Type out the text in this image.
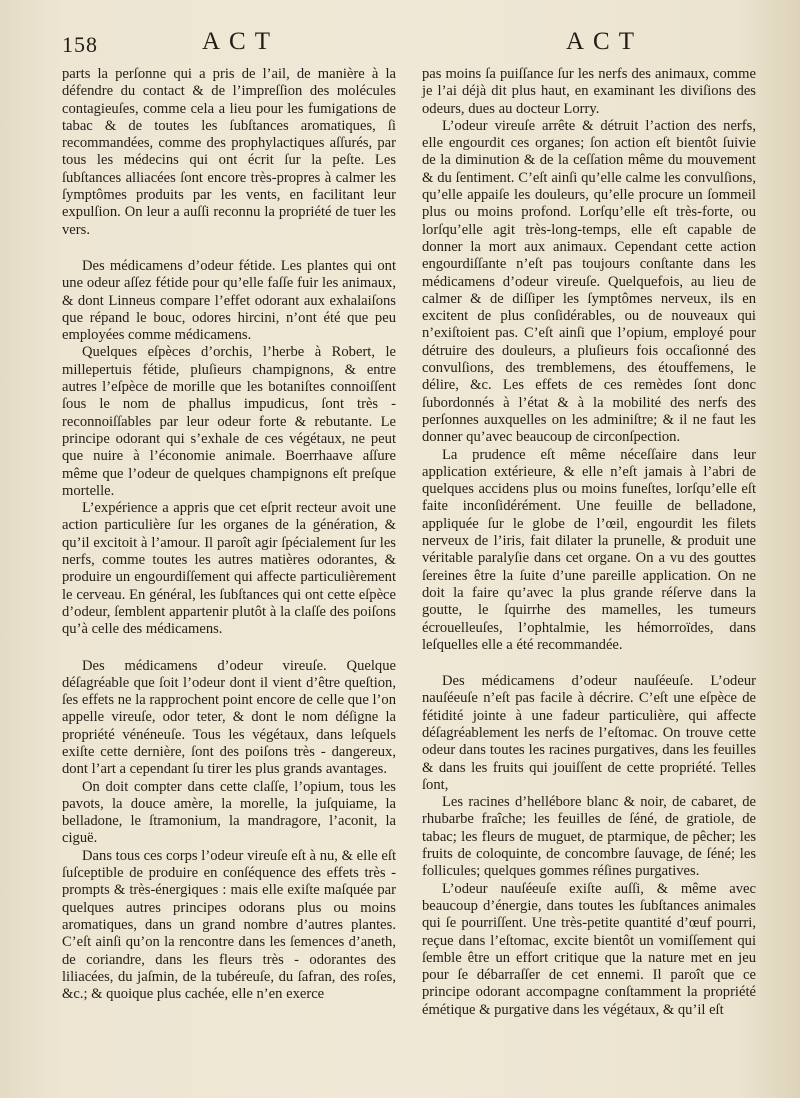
158	ACT	ACT

parts la perſonne qui a pris de l’ail, de manière à la défendre du contact & de l’impreſſion des molécules contagieuſes, comme cela a lieu pour les fumigations de tabac & de toutes les ſubſtances aromatiques, ſi recommandées, comme des prophylactiques aſſurés, par tous les médecins qui ont écrit ſur la peſte. Les ſubſtances alliacées ſont encore très-propres à calmer les ſymptômes produits par les vents, en facilitant leur expulſion. On leur a auſſi reconnu la propriété de tuer les vers.

Des médicamens d’odeur fétide. Les plantes qui ont une odeur aſſez fétide pour qu’elle faſſe fuir les animaux, & dont Linneus compare l’effet odorant aux exhalaiſons que répand le bouc, odores hircini, n’ont été que peu employées comme médicamens.

Quelques eſpèces d’orchis, l’herbe à Robert, le millepertuis fétide, pluſieurs champignons, & entre autres l’eſpèce de morille que les botaniſtes connoiſſent ſous le nom de phallus impudicus, ſont très - reconnoiſſables par leur odeur forte & rebutante. Le principe odorant qui s’exhale de ces végétaux, ne peut que nuire à l’économie animale. Boerrhaave aſſure même que l’odeur de quelques champignons eſt preſque mortelle.

L’expérience a appris que cet eſprit recteur avoit une action particulière ſur les organes de la génération, & qu’il excitoit à l’amour. Il paroît agir ſpécialement ſur les nerfs, comme toutes les autres matières odorantes, & produire un engourdiſſement qui affecte particulièrement le cerveau. En général, les ſubſtances qui ont cette eſpèce d’odeur, ſemblent appartenir plutôt à la claſſe des poiſons qu’à celle des médicamens.

Des médicamens d’odeur vireuſe. Quelque déſagréable que ſoit l’odeur dont il vient d’être queſtion, ſes effets ne la rapprochent point encore de celle que l’on appelle vireuſe, odor teter, & dont le nom déſigne la propriété vénéneuſe. Tous les végétaux, dans leſquels exiſte cette dernière, ſont des poiſons très - dangereux, dont l’art a cependant ſu tirer les plus grands avantages.

On doit compter dans cette claſſe, l’opium, tous les pavots, la douce amère, la morelle, la juſquiame, la belladone, le ſtramonium, la mandragore, l’aconit, la ciguë.

Dans tous ces corps l’odeur vireuſe eſt à nu, & elle eſt ſuſceptible de produire en conſéquence des effets très - prompts & très-énergiques : mais elle exiſte maſquée par quelques autres principes odorans plus ou moins aromatiques, dans un grand nombre d’autres plantes. C’eſt ainſi qu’on la rencontre dans les ſemences d’aneth, de coriandre, dans les fleurs très - odorantes des liliacées, du jaſmin, de la tubéreuſe, du ſafran, des roſes, &c.; & quoique plus cachée, elle n’en exerce

pas moins ſa puiſſance ſur les nerfs des animaux, comme je l’ai déjà dit plus haut, en examinant les diviſions des odeurs, dues au docteur Lorry.

L’odeur vireuſe arrête & détruit l’action des nerfs, elle engourdit ces organes; ſon action eſt bientôt ſuivie de la diminution & de la ceſſation même du mouvement & du ſentiment. C’eſt ainſi qu’elle calme les convulſions, qu’elle appaiſe les douleurs, qu’elle procure un ſommeil plus ou moins profond. Lorſqu’elle eſt très-forte, ou lorſqu’elle agit très-long-temps, elle eſt capable de donner la mort aux animaux. Cependant cette action engourdiſſante n’eſt pas toujours conſtante dans les médicamens d’odeur vireuſe. Quelquefois, au lieu de calmer & de diſſiper les ſymptômes nerveux, ils en excitent de plus conſidérables, ou de nouveaux qui n’exiſtoient pas. C’eſt ainſi que l’opium, employé pour détruire des douleurs, a pluſieurs fois occaſionné des convulſions, des tremblemens, des étouffemens, le délire, &c. Les effets de ces remèdes ſont donc ſubordonnés à l’état & à la mobilité des nerfs des perſonnes auxquelles on les adminiſtre; & il ne faut les donner qu’avec beaucoup de circonſpection.

La prudence eſt même néceſſaire dans leur application extérieure, & elle n’eſt jamais à l’abri de quelques accidens plus ou moins funeſtes, lorſqu’elle eſt faite inconſidérément. Une feuille de belladone, appliquée ſur le globe de l’œil, engourdit les filets nerveux de l’iris, fait dilater la prunelle, & produit une véritable paralyſie dans cet organe. On a vu des gouttes ſereines être la ſuite d’une pareille application. On ne doit la faire qu’avec la plus grande réſerve dans la goutte, le ſquirrhe des mamelles, les tumeurs écrouelleuſes, l’ophtalmie, les hémorroïdes, dans leſquelles elle a été recommandée.

Des médicamens d’odeur nauſéeuſe. L’odeur nauſéeuſe n’eſt pas facile à décrire. C’eſt une eſpèce de fétidité jointe à une fadeur particulière, qui affecte déſagréablement les nerfs de l’eſtomac. On trouve cette odeur dans toutes les racines purgatives, dans les feuilles & dans les fruits qui jouiſſent de cette propriété. Telles ſont,

Les racines d’hellébore blanc & noir, de cabaret, de rhubarbe fraîche; les feuilles de ſéné, de gratiole, de tabac; les fleurs de muguet, de ptarmique, de pêcher; les fruits de coloquinte, de concombre ſauvage, de ſéné; les follicules; quelques gommes réſines purgatives.

L’odeur nauſéeuſe exiſte auſſi, & même avec beaucoup d’énergie, dans toutes les ſubſtances animales qui ſe pourriſſent. Une très-petite quantité d’œuf pourri, reçue dans l’eſtomac, excite bientôt un vomiſſement qui ſemble être un effort critique que la nature met en jeu pour ſe débarraſſer de cet ennemi. Il paroît que ce principe odorant accompagne conſtamment la propriété émétique & purgative dans les végétaux, & qu’il eſt
